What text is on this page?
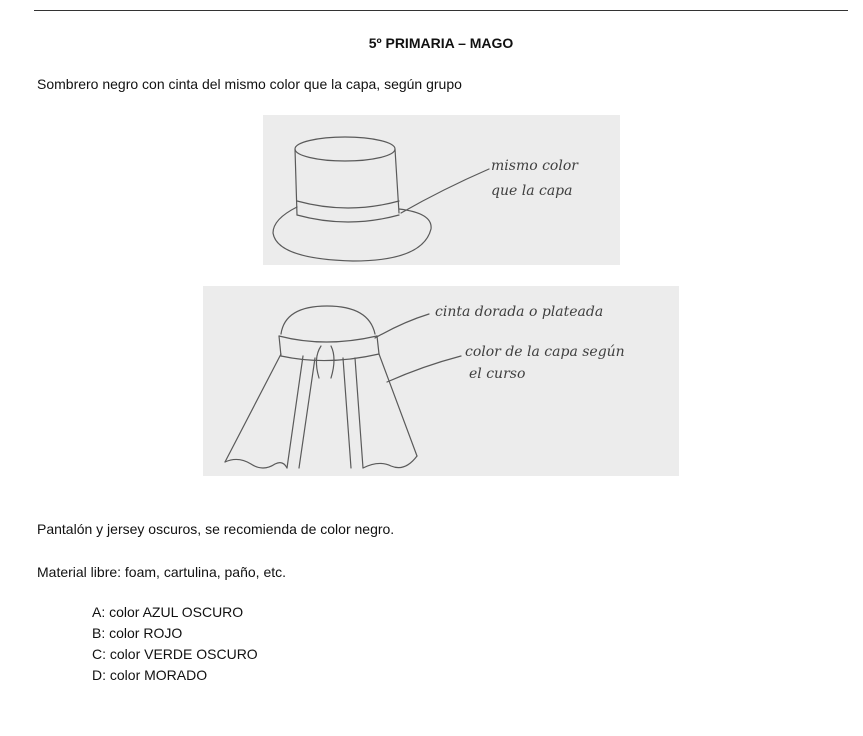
5º PRIMARIA – MAGO
Sombrero negro con cinta del mismo color que la capa, según grupo
mismo color
que la capa
cinta dorada o plateada
color de la capa según
el curso
Pantalón y jersey oscuros, se recomienda de color negro.
Material libre: foam, cartulina, paño, etc.
A: color AZUL OSCURO
B: color ROJO
C: color VERDE OSCURO
D: color MORADO
